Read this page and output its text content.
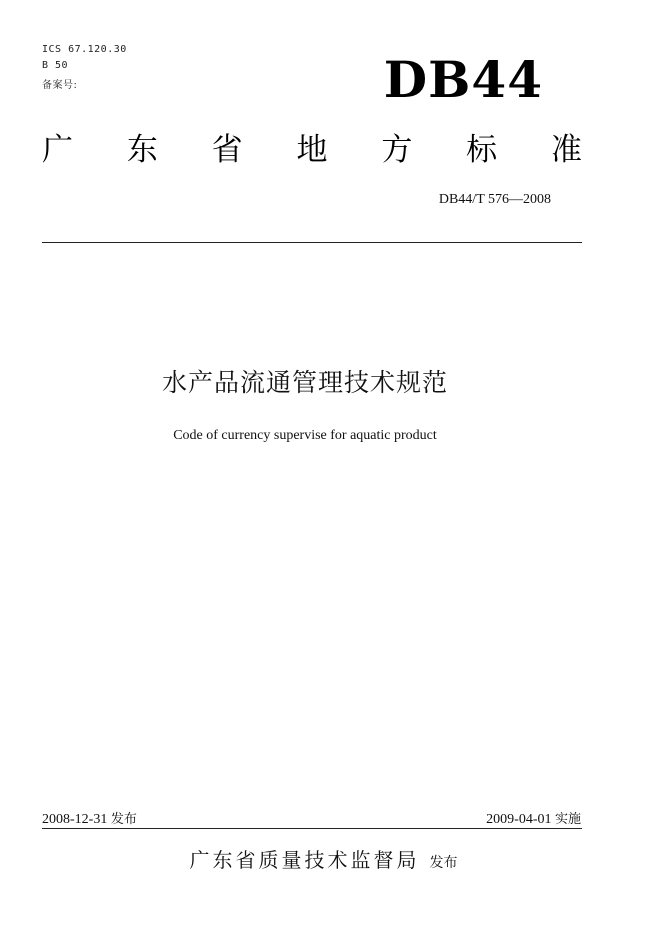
ICS 67.120.30
B 50
备案号:	DB44
广 东 省 地 方 标 准
DB44/T 576—2008
水产品流通管理技术规范
Code of currency supervise for aquatic product
2008-12-31 发布	2009-04-01 实施
广东省质量技术监督局 发布
